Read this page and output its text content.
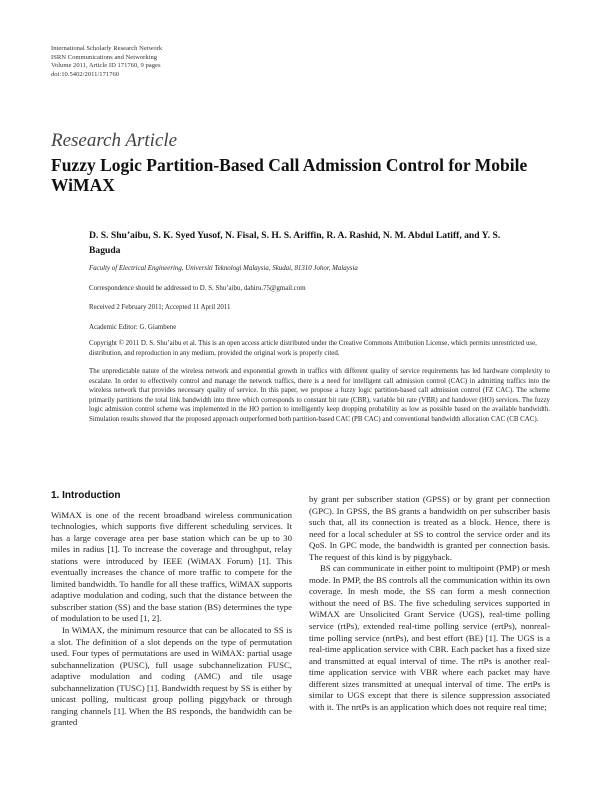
International Scholarly Research Network
ISRN Communications and Networking
Volume 2011, Article ID 171760, 9 pages
doi:10.5402/2011/171760
Research Article
Fuzzy Logic Partition-Based Call Admission Control for Mobile WiMAX
D. S. Shu’aibu, S. K. Syed Yusof, N. Fisal, S. H. S. Ariffin, R. A. Rashid, N. M. Abdul Latiff, and Y. S. Baguda
Faculty of Electrical Engineering, Universiti Teknologi Malaysia, Skudai, 81310 Johor, Malaysia
Correspondence should be addressed to D. S. Shu’aibu, dahiru.75@gmail.com
Received 2 February 2011; Accepted 11 April 2011
Academic Editor: G. Giambene
Copyright © 2011 D. S. Shu’aibu et al. This is an open access article distributed under the Creative Commons Attribution License, which permits unrestricted use, distribution, and reproduction in any medium, provided the original work is properly cited.
The unpredictable nature of the wireless network and exponential growth in traffics with different quality of service requirements has led hardware complexity to escalate. In order to effectively control and manage the network traffics, there is a need for intelligent call admission control (CAC) in admitting traffics into the wireless network that provides necessary quality of service. In this paper, we propose a fuzzy logic partition-based call admission control (FZ CAC). The scheme primarily partitions the total link bandwidth into three which corresponds to constant bit rate (CBR), variable bit rate (VBR) and handover (HO) services. The fuzzy logic admission control scheme was implemented in the HO portion to intelligently keep dropping probability as low as possible based on the available bandwidth. Simulation results showed that the proposed approach outperformed both partition-based CAC (PB CAC) and conventional bandwidth allocation CAC (CB CAC).
1. Introduction

WiMAX is one of the recent broadband wireless communication technologies, which supports five different scheduling services. It has a large coverage area per base station which can be up to 30 miles in radius [1]. To increase the coverage and throughput, relay stations were introduced by IEEE (WiMAX Forum) [1]. This eventually increases the chance of more traffic to compete for the limited bandwidth. To handle for all these traffics, WiMAX supports adaptive modulation and coding, such that the distance between the subscriber station (SS) and the base station (BS) determines the type of modulation to be used [1, 2].

In WiMAX, the minimum resource that can be allocated to SS is a slot. The definition of a slot depends on the type of permutation used. Four types of permutations are used in WiMAX: partial usage subchannelization (PUSC), full usage subchannelization FUSC, adaptive modulation and coding (AMC) and tile usage subchannelization (TUSC) [1]. Bandwidth request by SS is either by unicast polling, multicast group polling piggyback or through ranging channels [1]. When the BS responds, the bandwidth can be granted

by grant per subscriber station (GPSS) or by grant per connection (GPC). In GPSS, the BS grants a bandwidth on per subscriber basis such that, all its connection is treated as a block. Hence, there is need for a local scheduler at SS to control the service order and its QoS. In GPC mode, the bandwidth is granted per connection basis. The request of this kind is by piggyback.

BS can communicate in either point to multipoint (PMP) or mesh mode. In PMP, the BS controls all the communication within its own coverage. In mesh mode, the SS can form a mesh connection without the need of BS. The five scheduling services supported in WiMAX are Unsolicited Grant Service (UGS), real-time polling service (rtPs), extended real-time polling service (ertPs), nonreal-time polling service (nrtPs), and best effort (BE) [1]. The UGS is a real-time application service with CBR. Each packet has a fixed size and transmitted at equal interval of time. The rtPs is another real-time application service with VBR where each packet may have different sizes transmitted at unequal interval of time. The ertPs is similar to UGS except that there is silence suppression associated with it. The nrtPs is an application which does not require real time;
